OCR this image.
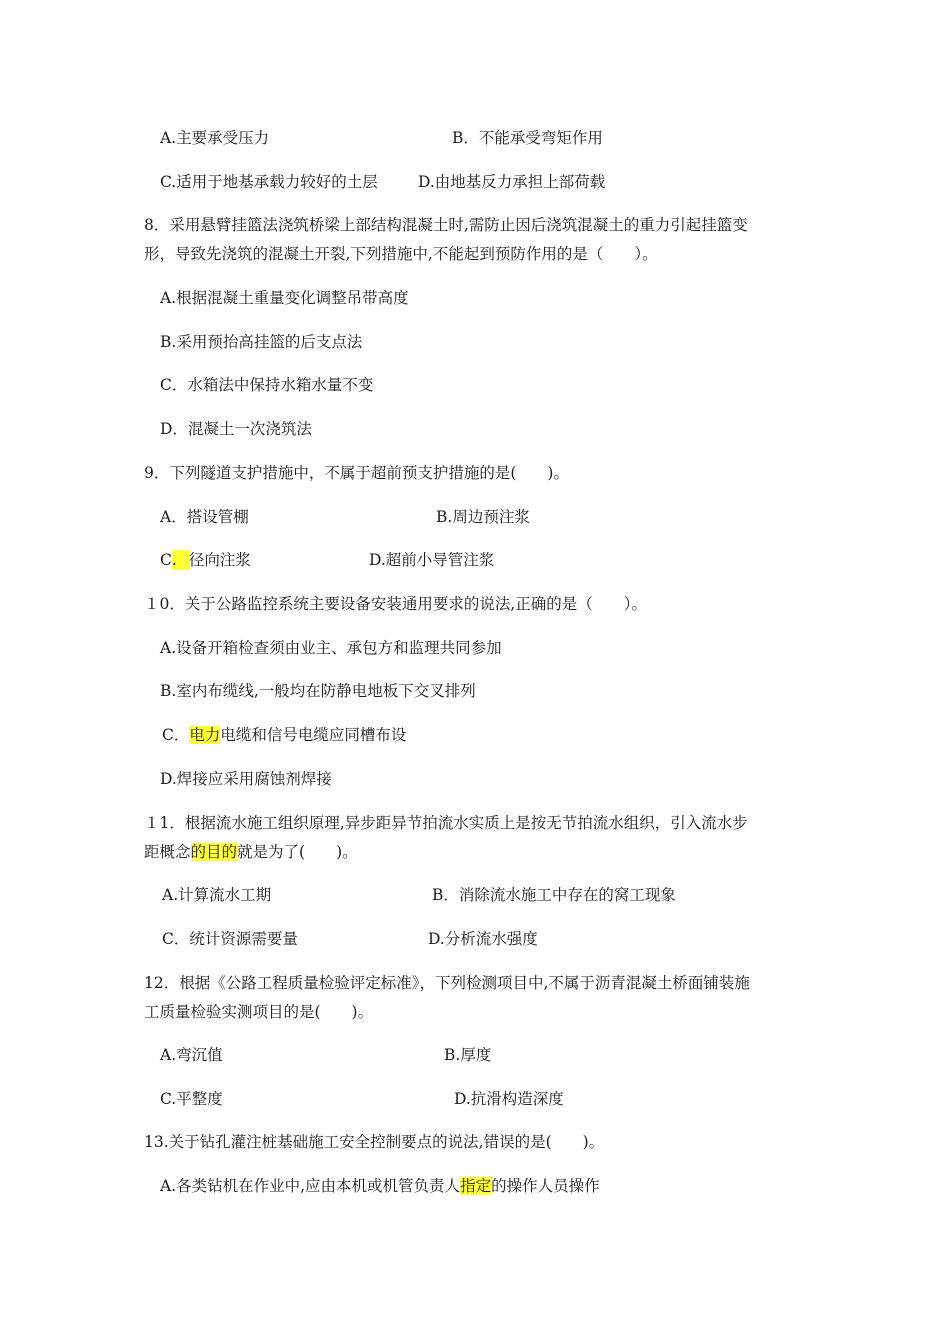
A.主要承受压力	B．不能承受弯矩作用
C.适用于地基承载力较好的土层	D.由地基反力承担上部荷载
8．采用悬臂挂篮法浇筑桥梁上部结构混凝土时,需防止因后浇筑混凝土的重力引起挂篮变
形，导致先浇筑的混凝土开裂,下列措施中,不能起到预防作用的是（　　）。
A.根据混凝土重量变化调整吊带高度
B.采用预抬高挂篮的后支点法
C．水箱法中保持水箱水量不变
D．混凝土一次浇筑法
9．下列隧道支护措施中，不属于超前预支护措施的是(　　)。
A．搭设管棚	B.周边预注浆
C. 径向注浆	D.超前小导管注浆
１0．关于公路监控系统主要设备安装通用要求的说法,正确的是（　　）。
A.设备开箱检查须由业主、承包方和监理共同参加
B.室内布缆线,一般均在防静电地板下交叉排列
C．电力电缆和信号电缆应同槽布设
D.焊接应采用腐蚀剂焊接
１1．根据流水施工组织原理,异步距异节拍流水实质上是按无节拍流水组织，引入流水步
距概念的目的就是为了(　　)。
A.计算流水工期	B．消除流水施工中存在的窝工现象
C．统计资源需要量	D.分析流水强度
12．根据《公路工程质量检验评定标准》，下列检测项目中,不属于沥青混凝土桥面铺装施
工质量检验实测项目的是(　　)。
A.弯沉值	B.厚度
C.平整度	D.抗滑构造深度
13.关于钻孔灌注桩基础施工安全控制要点的说法,错误的是(　　)。
A.各类钻机在作业中,应由本机或机管负责人指定的操作人员操作
